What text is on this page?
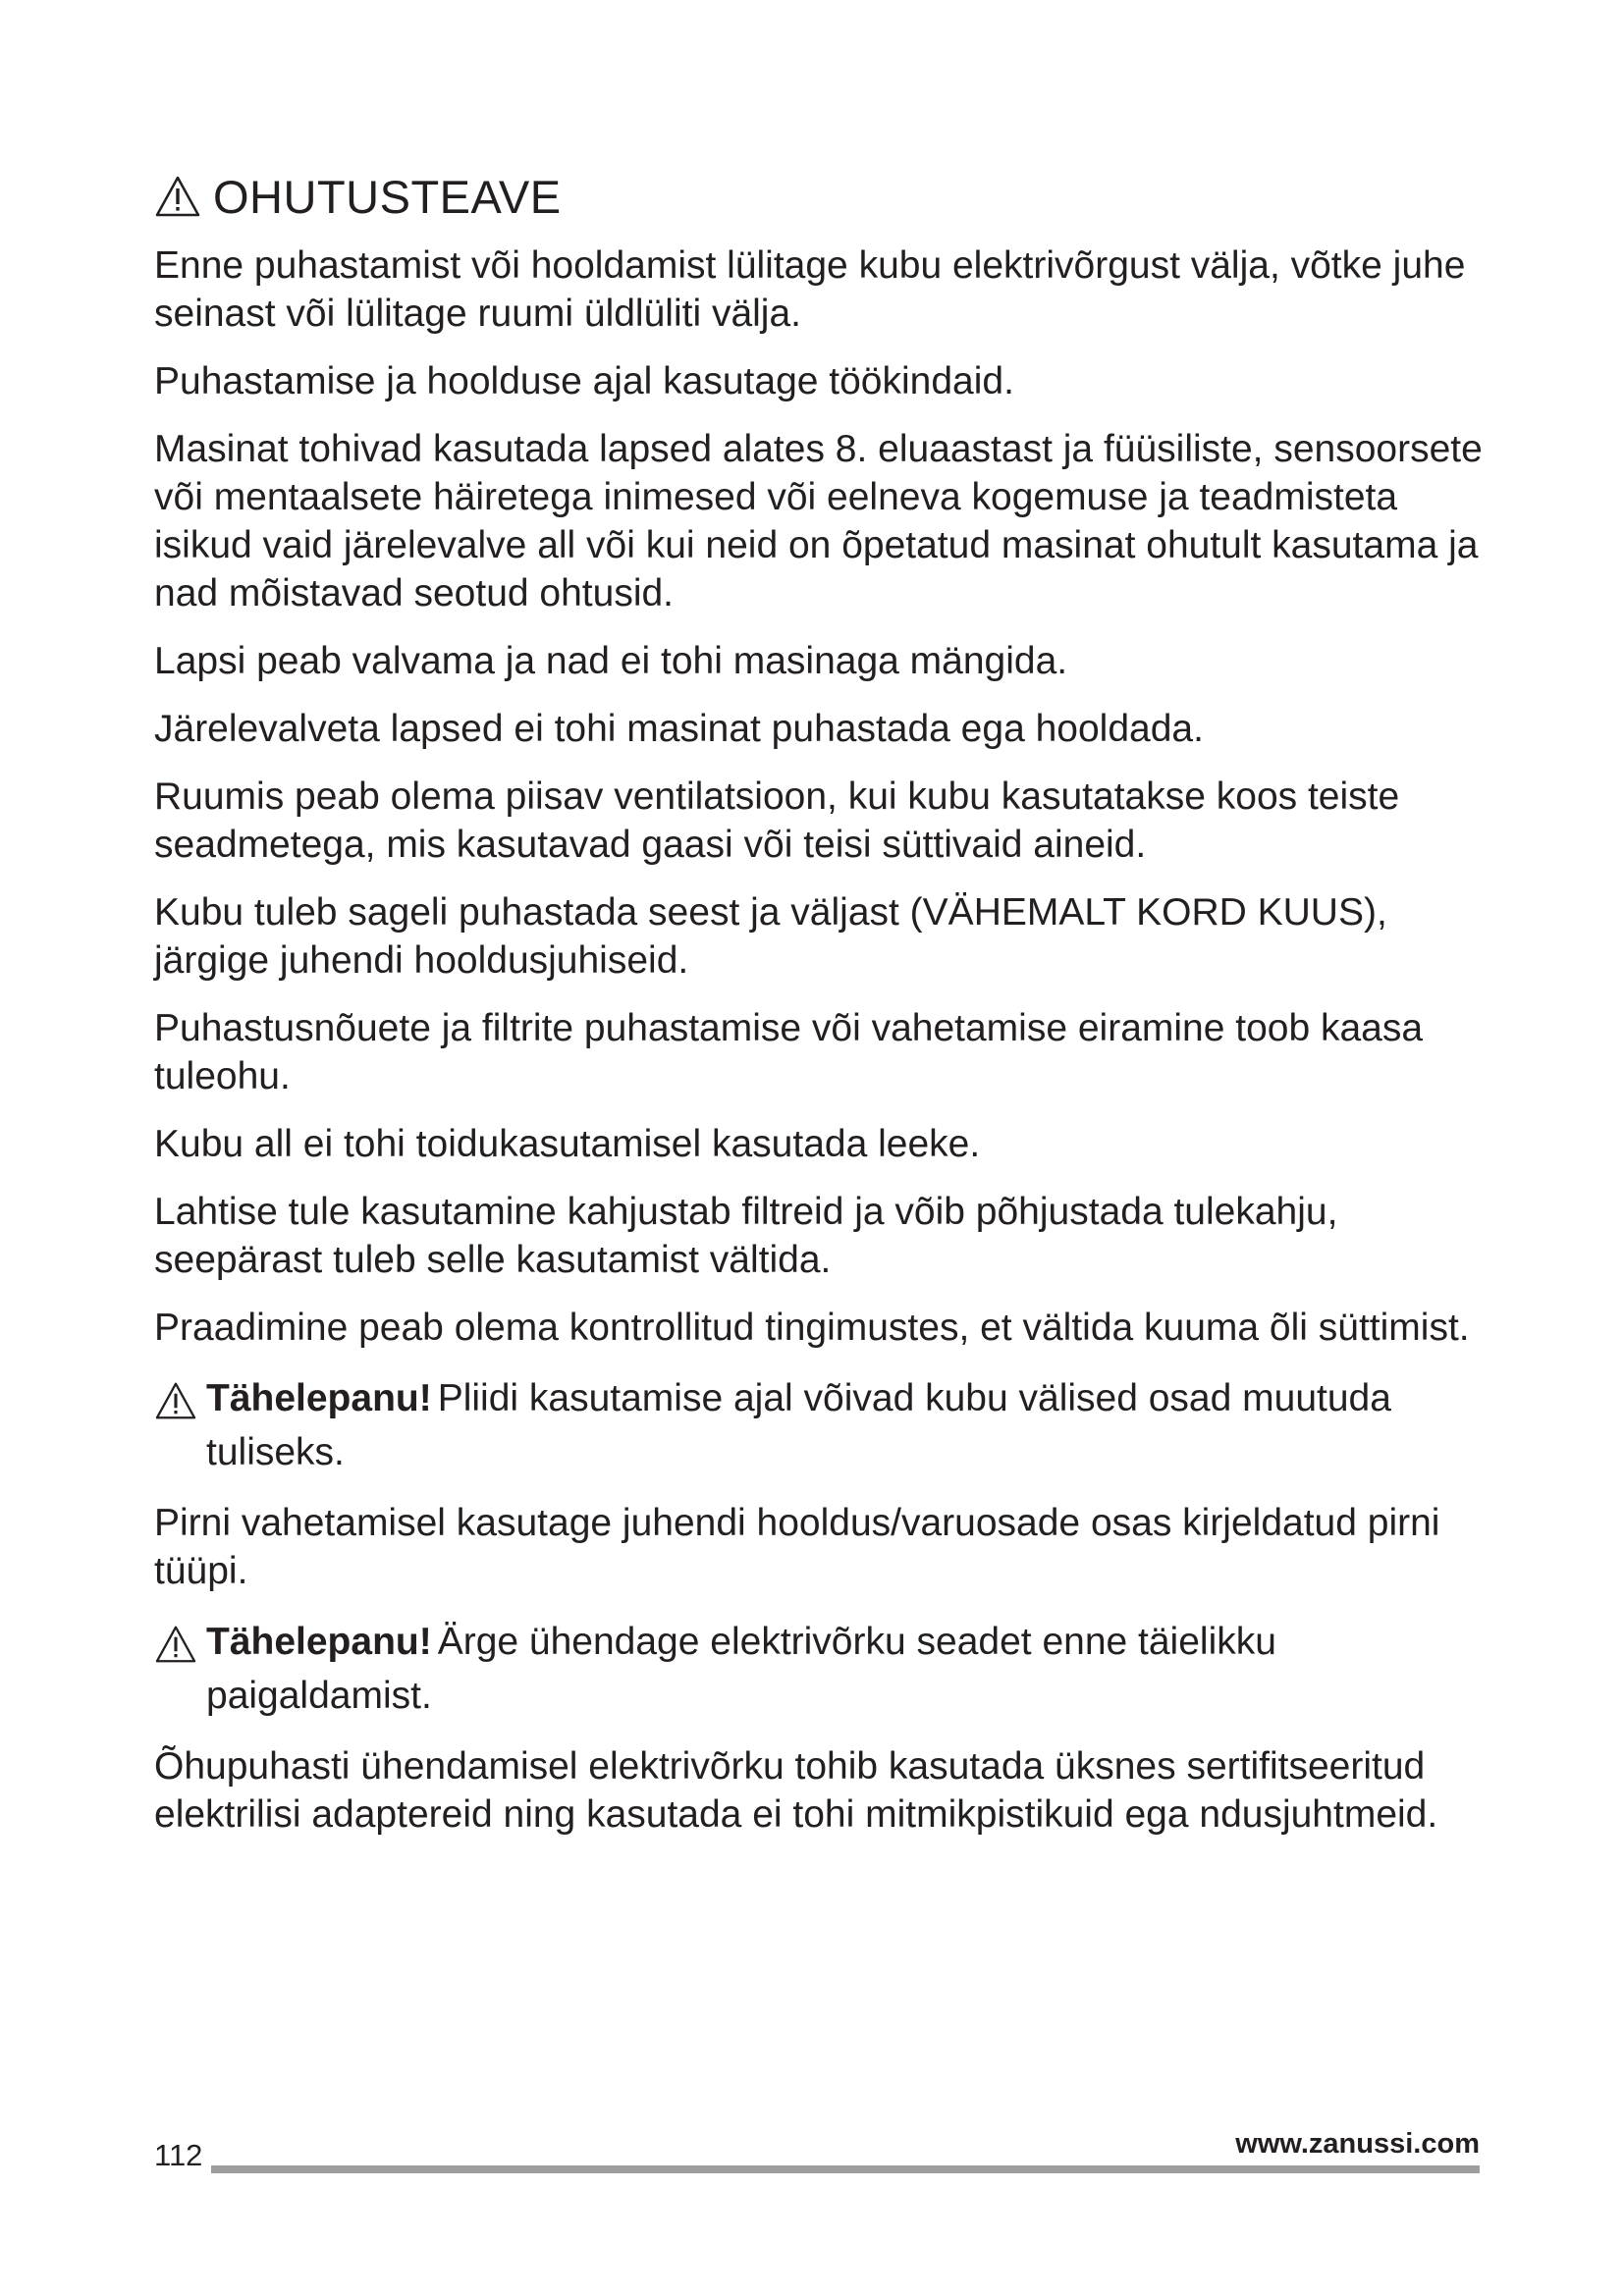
OHUTUSTEAVE

Enne puhastamist või hooldamist lülitage kubu elektrivõrgust välja, võtke juhe seinast või lülitage ruumi üldlüliti välja.

Puhastamise ja hoolduse ajal kasutage töökindaid.

Masinat tohivad kasutada lapsed alates 8. eluaastast ja füüsiliste, sensoorsete või mentaalsete häiretega inimesed või eelneva kogemuse ja teadmisteta isikud vaid järelevalve all või kui neid on õpetatud masinat ohutult kasutama ja nad mõistavad seotud ohtusid.

Lapsi peab valvama ja nad ei tohi masinaga mängida.

Järelevalveta lapsed ei tohi masinat puhastada ega hooldada.

Ruumis peab olema piisav ventilatsioon, kui kubu kasutatakse koos teiste seadmetega, mis kasutavad gaasi või teisi süttivaid aineid.

Kubu tuleb sageli puhastada seest ja väljast (VÄHEMALT KORD KUUS), järgige juhendi hooldusjuhiseid.

Puhastusnõuete ja filtrite puhastamise või vahetamise eiramine toob kaasa tuleohu.

Kubu all ei tohi toidukasutamisel kasutada leeke.

Lahtise tule kasutamine kahjustab filtreid ja võib põhjustada tulekahju, seepärast tuleb selle kasutamist vältida.

Praadimine peab olema kontrollitud tingimustes, et vältida kuuma õli süttimist.

Tähelepanu! Pliidi kasutamise ajal võivad kubu välised osad muutuda tuliseks.

Pirni vahetamisel kasutage juhendi hooldus/varuosade osas kirjeldatud pirni tüüpi.

Tähelepanu! Ärge ühendage elektrivõrku seadet enne täielikku paigaldamist.

Õhupuhasti ühendamisel elektrivõrku tohib kasutada üksnes sertifitseeritud elektrilisi adaptereid ning kasutada ei tohi mitmikpistikuid ega ndusjuhtmeid.

112	www.zanussi.com
